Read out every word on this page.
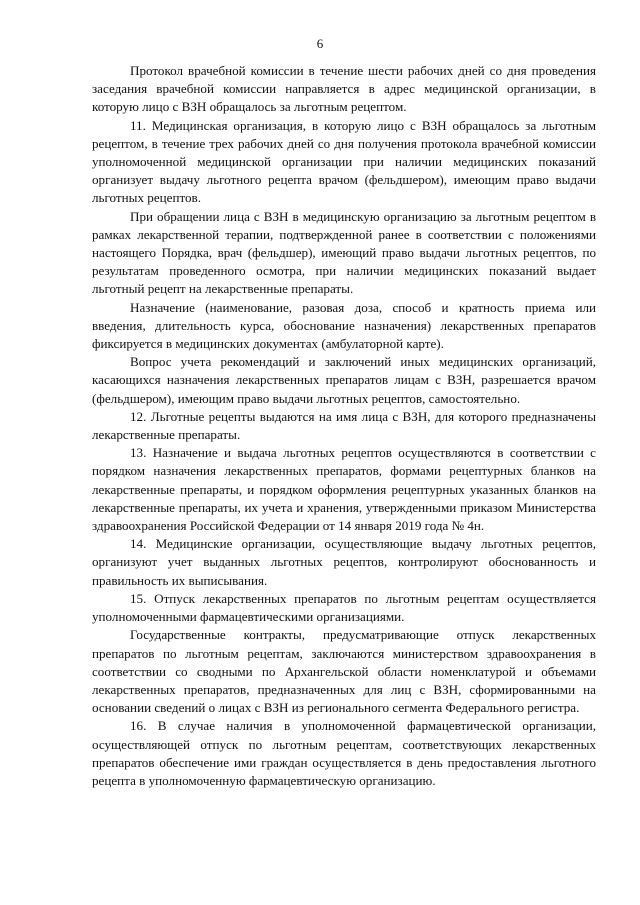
6

Протокол врачебной комиссии в течение шести рабочих дней со дня проведения заседания врачебной комиссии направляется в адрес медицинской организации, в которую лицо с ВЗН обращалось за льготным рецептом.

11. Медицинская организация, в которую лицо с ВЗН обращалось за льготным рецептом, в течение трех рабочих дней со дня получения протокола врачебной комиссии уполномоченной медицинской организации при наличии медицинских показаний организует выдачу льготного рецепта врачом (фельдшером), имеющим право выдачи льготных рецептов.

При обращении лица с ВЗН в медицинскую организацию за льготным рецептом в рамках лекарственной терапии, подтвержденной ранее в соответствии с положениями настоящего Порядка, врач (фельдшер), имеющий право выдачи льготных рецептов, по результатам проведенного осмотра, при наличии медицинских показаний выдает льготный рецепт на лекарственные препараты.

Назначение (наименование, разовая доза, способ и кратность приема или введения, длительность курса, обоснование назначения) лекарственных препаратов фиксируется в медицинских документах (амбулаторной карте).

Вопрос учета рекомендаций и заключений иных медицинских организаций, касающихся назначения лекарственных препаратов лицам с ВЗН, разрешается врачом (фельдшером), имеющим право выдачи льготных рецептов, самостоятельно.

12. Льготные рецепты выдаются на имя лица с ВЗН, для которого предназначены лекарственные препараты.

13. Назначение и выдача льготных рецептов осуществляются в соответствии с порядком назначения лекарственных препаратов, формами рецептурных бланков на лекарственные препараты, и порядком оформления рецептурных указанных бланков на лекарственные препараты, их учета и хранения, утвержденными приказом Министерства здравоохранения Российской Федерации от 14 января 2019 года № 4н.

14. Медицинские организации, осуществляющие выдачу льготных рецептов, организуют учет выданных льготных рецептов, контролируют обоснованность и правильность их выписывания.

15. Отпуск лекарственных препаратов по льготным рецептам осуществляется уполномоченными фармацевтическими организациями.

Государственные контракты, предусматривающие отпуск лекарственных препаратов по льготным рецептам, заключаются министерством здравоохранения в соответствии со сводными по Архангельской области номенклатурой и объемами лекарственных препаратов, предназначенных для лиц с ВЗН, сформированными на основании сведений о лицах с ВЗН из регионального сегмента Федерального регистра.

16. В случае наличия в уполномоченной фармацевтической организации, осуществляющей отпуск по льготным рецептам, соответствующих лекарственных препаратов обеспечение ими граждан осуществляется в день предоставления льготного рецепта в уполномоченную фармацевтическую организацию.
